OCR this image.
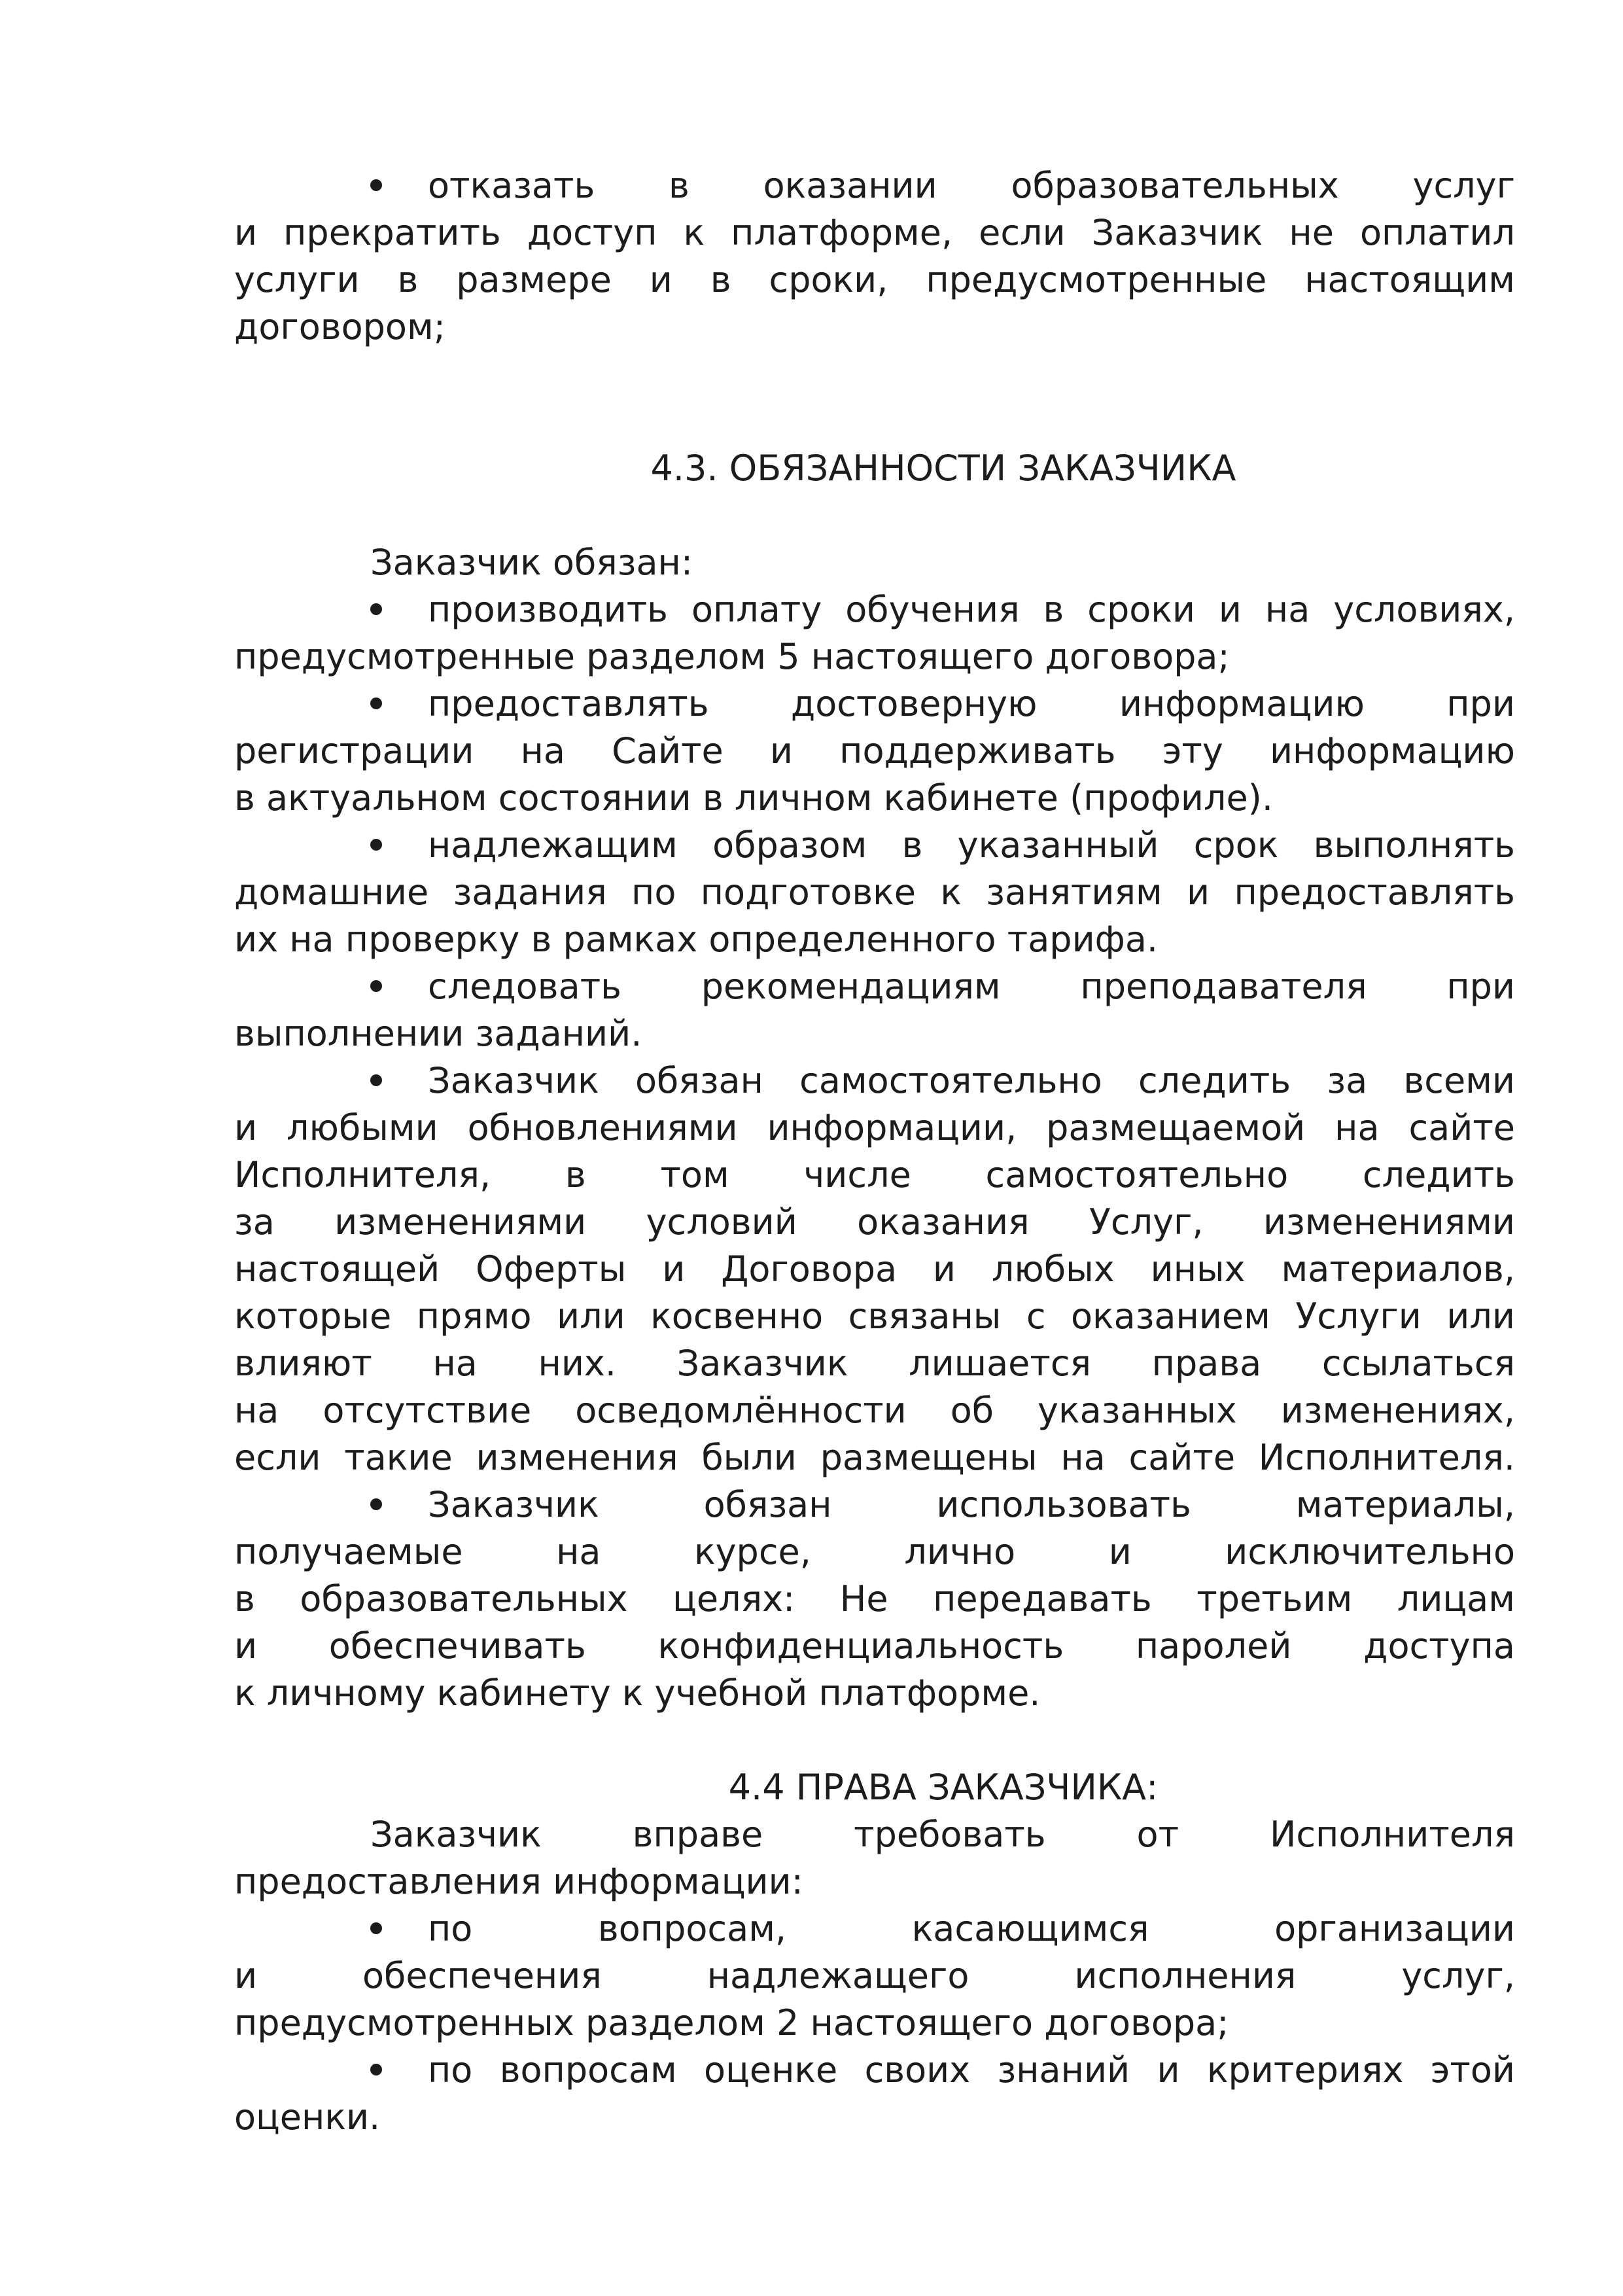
отказать в оказании образовательных услуг

и прекратить доступ к платформе, если Заказчик не оплатил

услуги в размере и в сроки, предусмотренные настоящим

договором;

4.3. ОБЯЗАННОСТИ ЗАКАЗЧИКА

Заказчик обязан:

производить оплату обучения в сроки и на условиях,

предусмотренные разделом 5 настоящего договора;

предоставлять достоверную информацию при

регистрации на Сайте и поддерживать эту информацию

в актуальном состоянии в личном кабинете (профиле).

надлежащим образом в указанный срок выполнять

домашние задания по подготовке к занятиям и предоставлять

их на проверку в рамках определенного тарифа.

следовать рекомендациям преподавателя при

выполнении заданий.

Заказчик обязан самостоятельно следить за всеми

и любыми обновлениями информации, размещаемой на сайте

Исполнителя, в том числе самостоятельно следить

за изменениями условий оказания Услуг, изменениями

настоящей Оферты и Договора и любых иных материалов,

которые прямо или косвенно связаны с оказанием Услуги или

влияют на них. Заказчик лишается права ссылаться

на отсутствие осведомлённости об указанных изменениях,

если такие изменения были размещены на сайте Исполнителя.

Заказчик обязан использовать материалы,

получаемые на курсе, лично и исключительно

в образовательных целях: Не передавать третьим лицам

и обеспечивать конфиденциальность паролей доступа

к личному кабинету к учебной платформе.

4.4 ПРАВА ЗАКАЗЧИКА:

Заказчик вправе требовать от Исполнителя

предоставления информации:

по вопросам, касающимся организации

и обеспечения надлежащего исполнения услуг,

предусмотренных разделом 2 настоящего договора;

по вопросам оценке своих знаний и критериях этой

оценки.
